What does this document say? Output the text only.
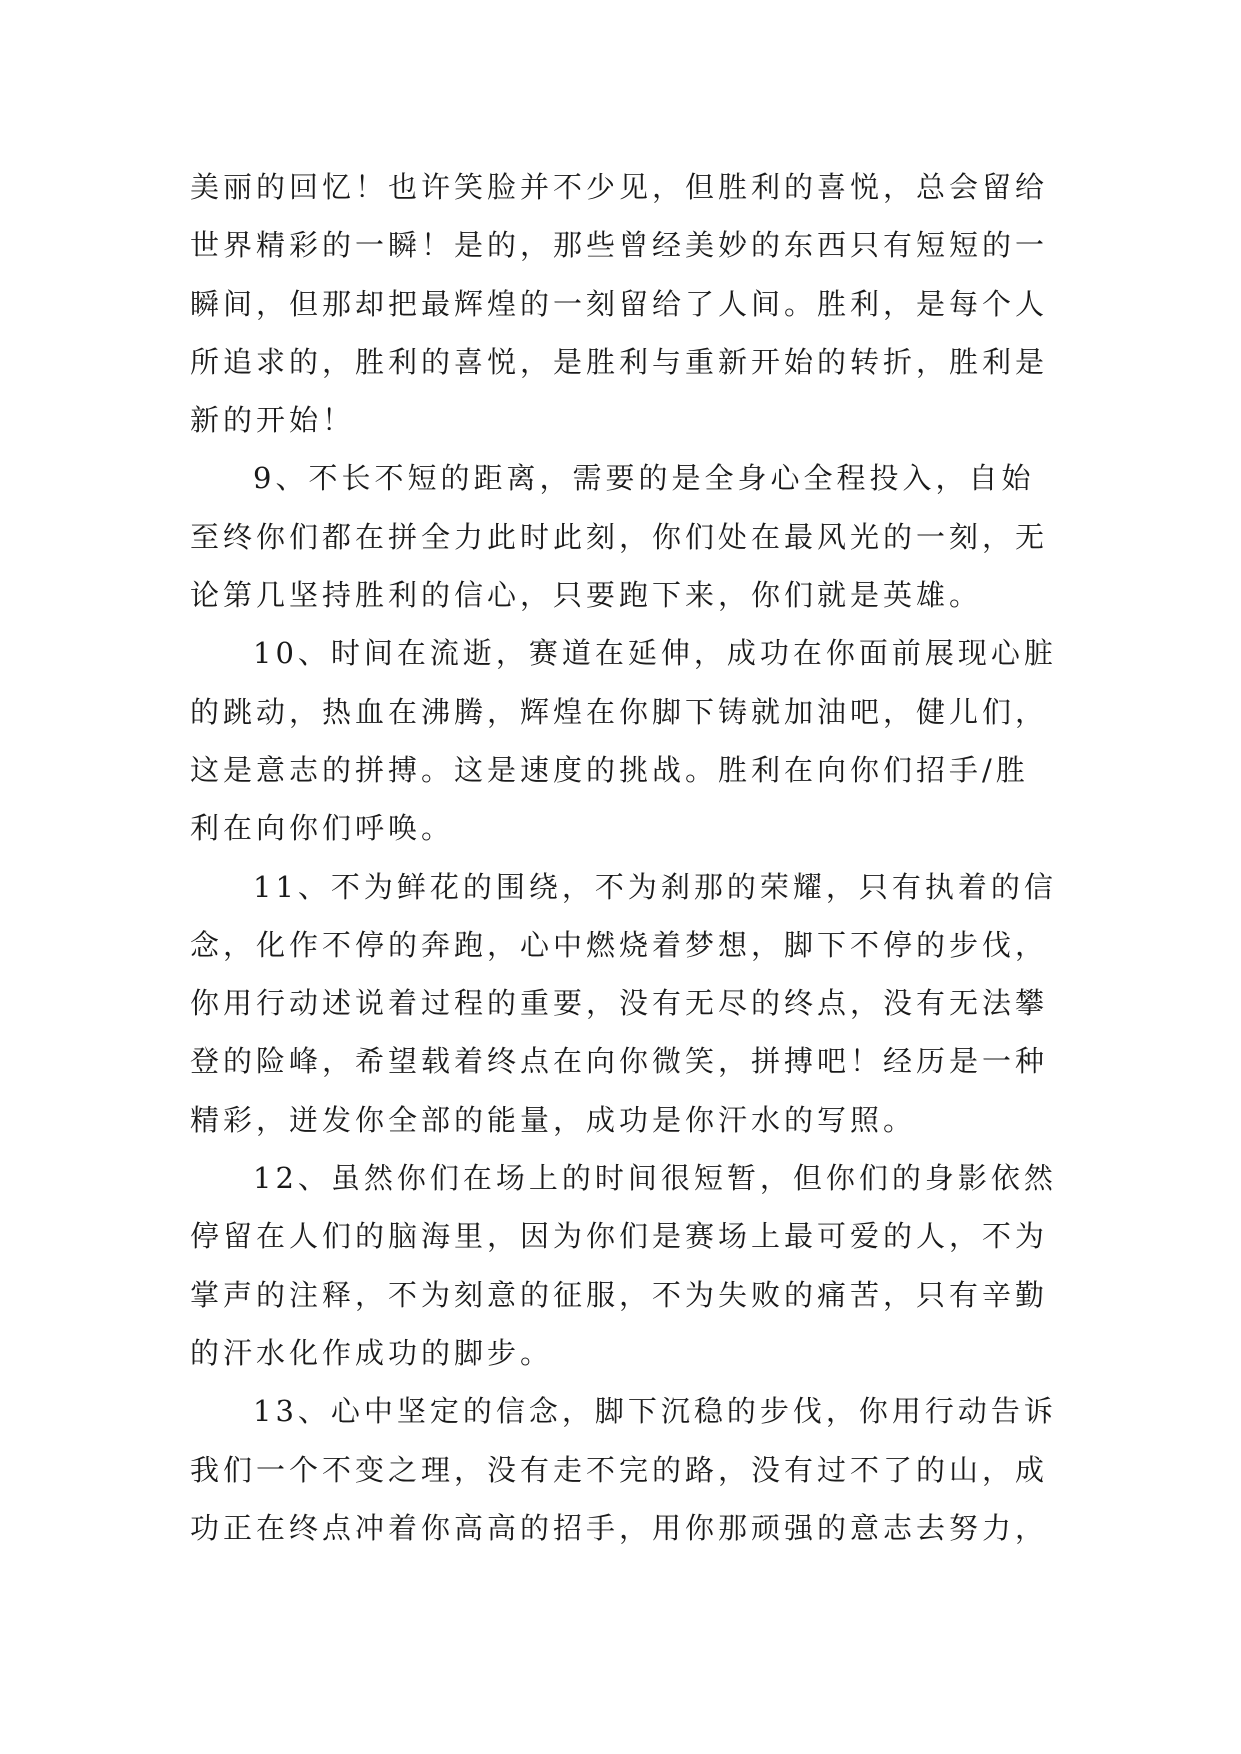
美丽的回忆！也许笑脸并不少见，但胜利的喜悦，总会留给
世界精彩的一瞬！是的，那些曾经美妙的东西只有短短的一
瞬间，但那却把最辉煌的一刻留给了人间。胜利，是每个人
所追求的，胜利的喜悦，是胜利与重新开始的转折，胜利是
新的开始！
9、不长不短的距离，需要的是全身心全程投入，自始
至终你们都在拼全力此时此刻，你们处在最风光的一刻，无
论第几坚持胜利的信心，只要跑下来，你们就是英雄。
10、时间在流逝，赛道在延伸，成功在你面前展现心脏
的跳动，热血在沸腾，辉煌在你脚下铸就加油吧，健儿们，
这是意志的拼搏。这是速度的挑战。胜利在向你们招手/胜
利在向你们呼唤。
11、不为鲜花的围绕，不为刹那的荣耀，只有执着的信
念，化作不停的奔跑，心中燃烧着梦想，脚下不停的步伐，
你用行动述说着过程的重要，没有无尽的终点，没有无法攀
登的险峰，希望载着终点在向你微笑，拼搏吧！经历是一种
精彩，迸发你全部的能量，成功是你汗水的写照。
12、虽然你们在场上的时间很短暂，但你们的身影依然
停留在人们的脑海里，因为你们是赛场上最可爱的人，不为
掌声的注释，不为刻意的征服，不为失败的痛苦，只有辛勤
的汗水化作成功的脚步。
13、心中坚定的信念，脚下沉稳的步伐，你用行动告诉
我们一个不变之理，没有走不完的路，没有过不了的山，成
功正在终点冲着你高高的招手，用你那顽强的意志去努力，
